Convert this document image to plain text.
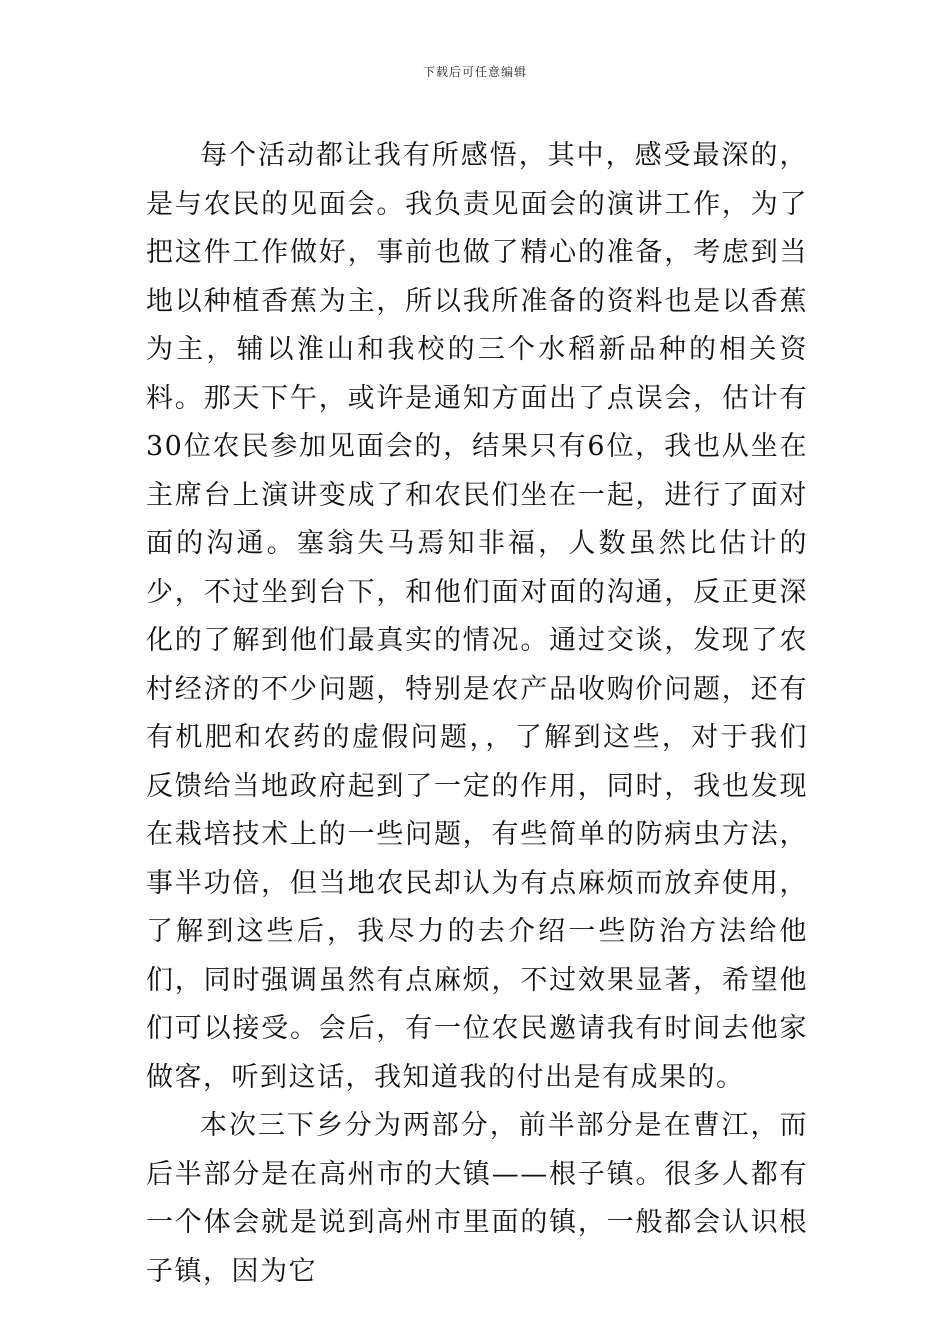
下载后可任意编辑

每个活动都让我有所感悟，其中，感受最深的，是与农民的见面会。我负责见面会的演讲工作，为了把这件工作做好，事前也做了精心的准备，考虑到当地以种植香蕉为主，所以我所准备的资料也是以香蕉为主，辅以淮山和我校的三个水稻新品种的相关资料。那天下午，或许是通知方面出了点误会，估计有30位农民参加见面会的，结果只有6位，我也从坐在主席台上演讲变成了和农民们坐在一起，进行了面对面的沟通。塞翁失马焉知非福，人数虽然比估计的少，不过坐到台下，和他们面对面的沟通，反正更深化的了解到他们最真实的情况。通过交谈，发现了农村经济的不少问题，特别是农产品收购价问题，还有有机肥和农药的虚假问题，，了解到这些，对于我们反馈给当地政府起到了一定的作用，同时，我也发现在栽培技术上的一些问题，有些简单的防病虫方法，事半功倍，但当地农民却认为有点麻烦而放弃使用，了解到这些后，我尽力的去介绍一些防治方法给他们，同时强调虽然有点麻烦，不过效果显著，希望他们可以接受。会后，有一位农民邀请我有时间去他家做客，听到这话，我知道我的付出是有成果的。

本次三下乡分为两部分，前半部分是在曹江，而后半部分是在高州市的大镇——根子镇。很多人都有一个体会就是说到高州市里面的镇，一般都会认识根子镇，因为它
